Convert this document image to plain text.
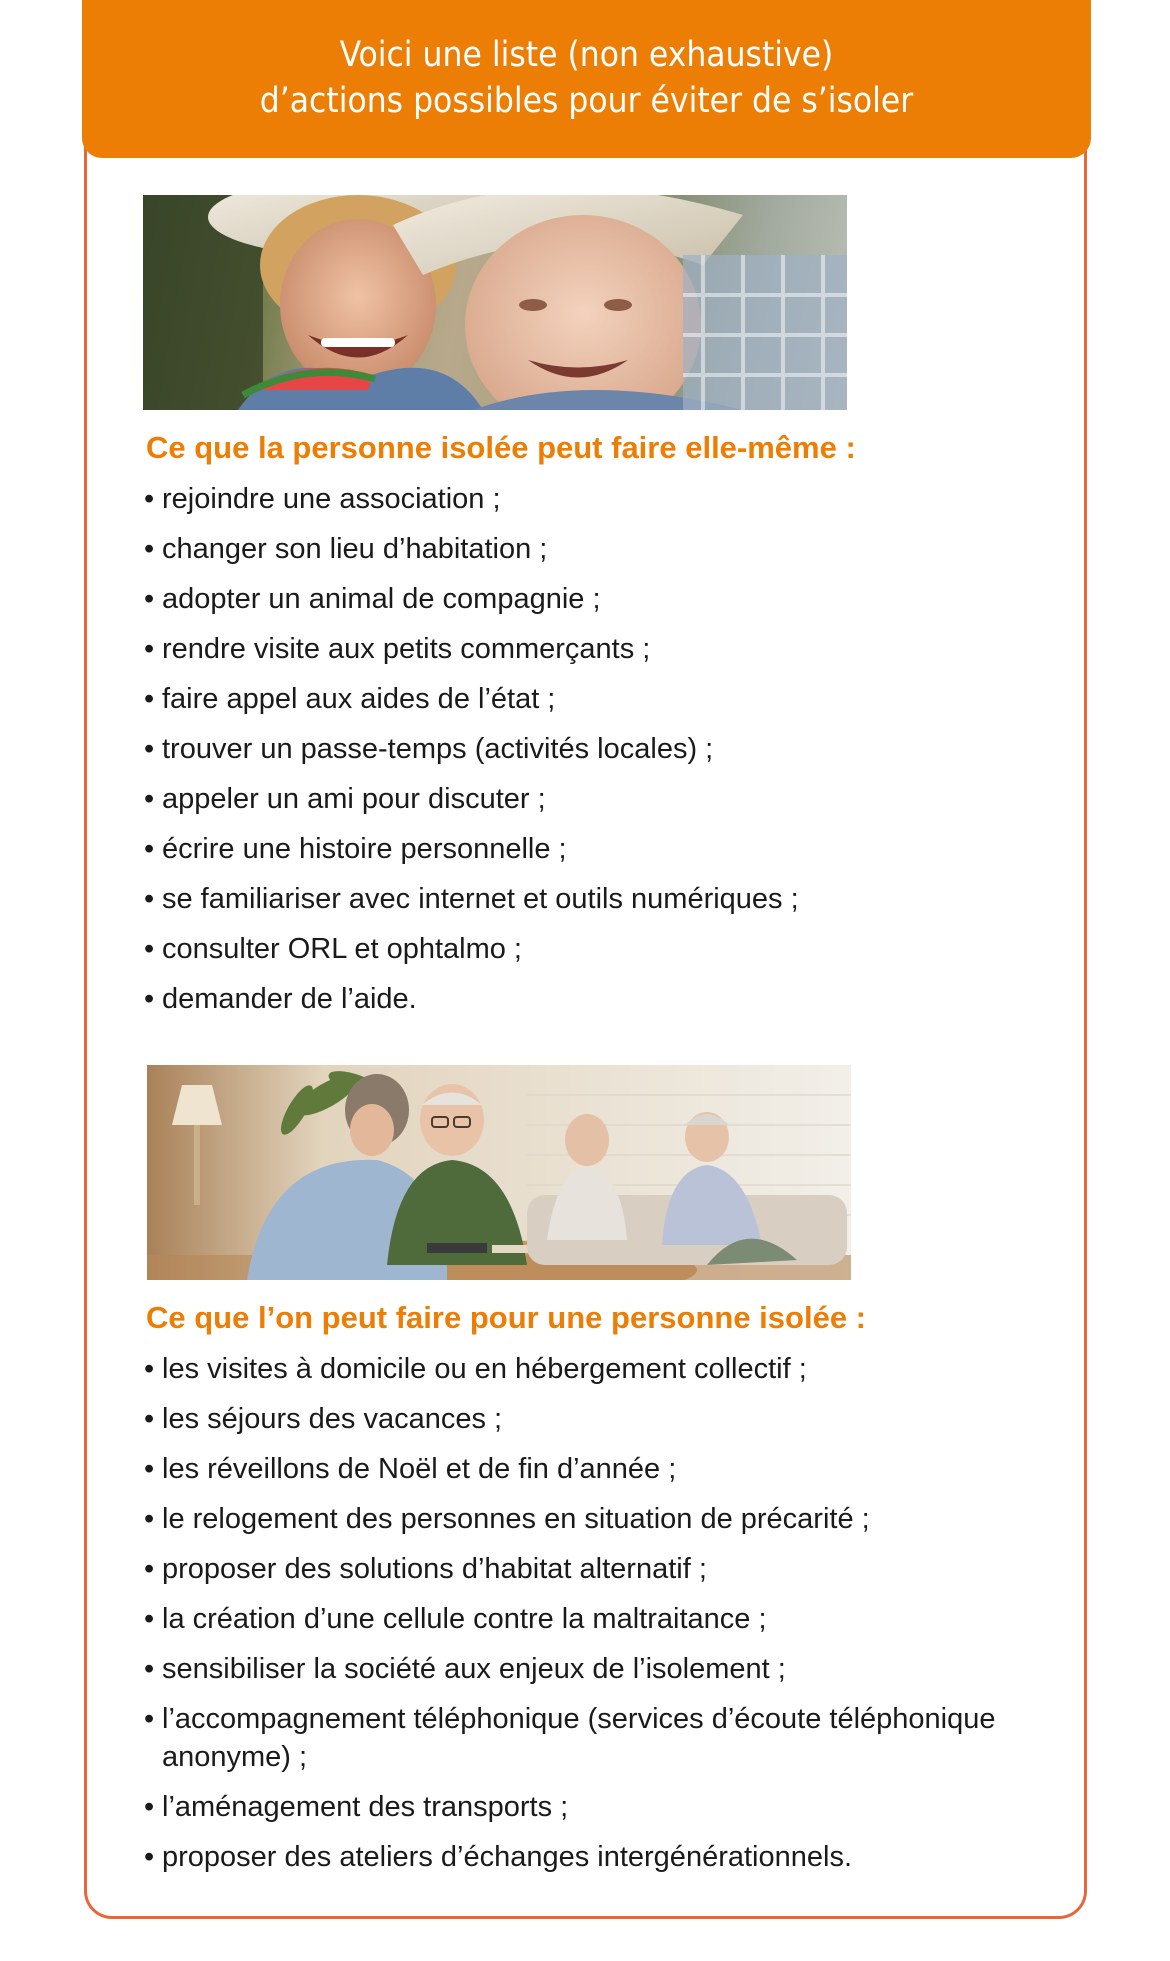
Voici une liste (non exhaustive)
d’actions possibles pour éviter de s’isoler
Ce que la personne isolée peut faire elle-même :
• rejoindre une association ;
• changer son lieu d’habitation ;
• adopter un animal de compagnie ;
• rendre visite aux petits commerçants ;
• faire appel aux aides de l’état ;
• trouver un passe-temps (activités locales) ;
• appeler un ami pour discuter ;
• écrire une histoire personnelle ;
• se familiariser avec internet et outils numériques ;
• consulter ORL et ophtalmo ;
• demander de l’aide.
Ce que l’on peut faire pour une personne isolée :
• les visites à domicile ou en hébergement collectif ;
• les séjours des vacances ;
• les réveillons de Noël et de fin d’année ;
• le relogement des personnes en situation de précarité ;
• proposer des solutions d’habitat alternatif ;
• la création d’une cellule contre la maltraitance ;
• sensibiliser la société aux enjeux de l’isolement ;
• l’accompagnement téléphonique (services d’écoute téléphonique anonyme) ;
• l’aménagement des transports ;
• proposer des ateliers d’échanges intergénérationnels.
